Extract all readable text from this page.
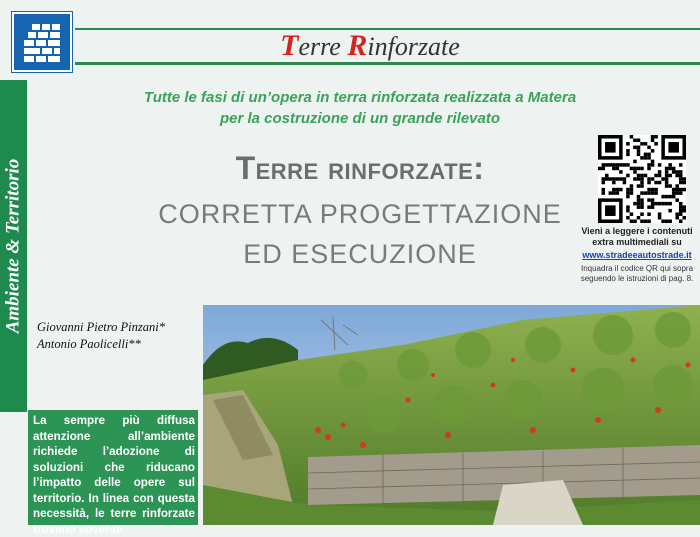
Ambiente & Territorio
Terre Rinforzate
Tutte le fasi di un’opera in terra rinforzata realizzata a Matera
per la costruzione di un grande rilevato
Terre rinforzate:
CORRETTA PROGETTAZIONE
ED ESECUZIONE
Vieni a leggere i contenuti extra multimediali su
www.stradeeautostrade.it
Inquadra il codice QR qui sopra seguendo le istruzioni di pag. 8.
Giovanni Pietro Pinzani*
Antonio Paolicelli**
La sempre più diffusa attenzione all’ambiente richiede l’adozione di soluzioni che riducano l’impatto delle opere sul territorio. In linea con questa necessità, le terre rinforzate trovano sovente
